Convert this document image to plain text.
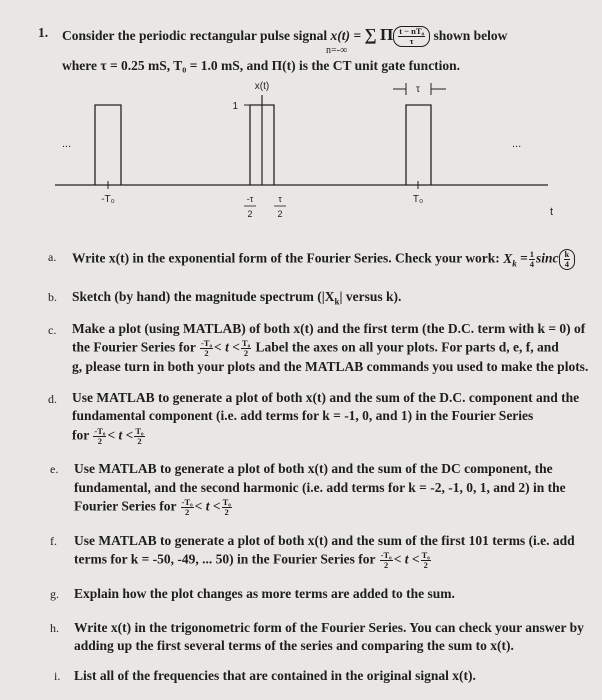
1. Consider the periodic rectangular pulse signal x(t) = ∑ Π $\frac{\text{t − nT₀}}{\tau}$ shown below
n=-∞
where τ = 0.25 mS, T₀ = 1.0 mS, and Π(t) is the CT unit gate function.
x(t)
1
...	...
τ
-T₀	T₀
-τ
2
τ
2	t
a. Write x(t) in the exponential form of the Fourier Series. Check your work: $X_k = \frac{1}{4}$ sinc $\frac{k}{4}$
b. Sketch (by hand) the magnitude spectrum ($|X_k|$ versus k).
c. Make a plot (using MATLAB) of both x(t) and the first term (the D.C. term with k = 0) of
the Fourier Series for $\frac{\text{-T₀}}{2} < t < \frac{\text{T₀}}{2}$ Label the axes on all your plots. For parts d, e, f, and
g, please turn in both your plots and the MATLAB commands you used to make the plots.
d. Use MATLAB to generate a plot of both x(t) and the sum of the D.C. component and the
fundamental component (i.e. add terms for k = -1, 0, and 1) in the Fourier Series
for $\frac{\text{-T₀}}{2} < t < \frac{\text{T₀}}{2}$
e. Use MATLAB to generate a plot of both x(t) and the sum of the DC component, the
fundamental, and the second harmonic (i.e. add terms for k = -2, -1, 0, 1, and 2) in the
Fourier Series for $\frac{\text{-T₀}}{2} < t < \frac{\text{T₀}}{2}$
f. Use MATLAB to generate a plot of both x(t) and the sum of the first 101 terms (i.e. add
terms for k = -50, -49, ... 50) in the Fourier Series for $\frac{\text{-T₀}}{2} < t < \frac{\text{T₀}}{2}$
g. Explain how the plot changes as more terms are added to the sum.
h. Write x(t) in the trigonometric form of the Fourier Series. You can check your answer by
adding up the first several terms of the series and comparing the sum to x(t).
i. List all of the frequencies that are contained in the original signal x(t).
